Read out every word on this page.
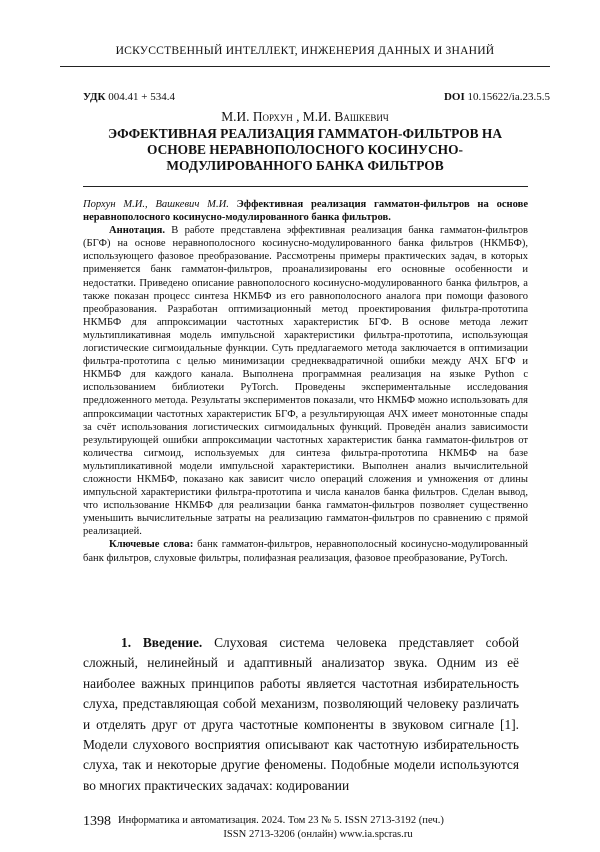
ИСКУССТВЕННЫЙ ИНТЕЛЛЕКТ, ИНЖЕНЕРИЯ ДАННЫХ И ЗНАНИЙ
УДК 004.41 + 534.4	DOI 10.15622/ia.23.5.5
М.И. Порхун , М.И. Вашкевич
ЭФФЕКТИВНАЯ РЕАЛИЗАЦИЯ ГАММАТОН-ФИЛЬТРОВ НА ОСНОВЕ НЕРАВНОПОЛОСНОГО КОСИНУСНО-МОДУЛИРОВАННОГО БАНКА ФИЛЬТРОВ

Порхун М.И., Вашкевич М.И. Эффективная реализация гамматон-фильтров на основе неравнополосного косинусно-модулированного банка фильтров.

Аннотация. В работе представлена эффективная реализация банка гамматон-фильтров (БГФ) на основе неравнополосного косинусно-модулированного банка фильтров (НКМБФ), использующего фазовое преобразование. Рассмотрены примеры практических задач, в которых применяется банк гамматон-фильтров, проанализированы его основные особенности и недостатки. Приведено описание равнополосного косинусно-модулированного банка фильтров, а также показан процесс синтеза НКМБФ из его равнополосного аналога при помощи фазового преобразования. Разработан оптимизационный метод проектирования фильтра-прототипа НКМБФ для аппроксимации частотных характеристик БГФ. В основе метода лежит мультипликативная модель импульсной характеристики фильтра-прототипа, использующая логистические сигмоидальные функции. Суть предлагаемого метода заключается в оптимизации фильтра-прототипа с целью минимизации среднеквадратичной ошибки между АЧХ БГФ и НКМБФ для каждого канала. Выполнена программная реализация на языке Python с использованием библиотеки PyTorch. Проведены экспериментальные исследования предложенного метода. Результаты экспериментов показали, что НКМБФ можно использовать для аппроксимации частотных характеристик БГФ, а результирующая АЧХ имеет монотонные спады за счёт использования логистических сигмоидальных функций. Проведён анализ зависимости результирующей ошибки аппроксимации частотных характеристик банка гамматон-фильтров от количества сигмоид, используемых для синтеза фильтра-прототипа НКМБФ на базе мультипликативной модели импульсной характеристики. Выполнен анализ вычислительной сложности НКМБФ, показано как зависит число операций сложения и умножения от длины импульсной характеристики фильтра-прототипа и числа каналов банка фильтров. Сделан вывод, что использование НКМБФ для реализации банка гамматон-фильтров позволяет существенно уменьшить вычислительные затраты на реализацию гамматон-фильтров по сравнению с прямой реализацией.

Ключевые слова: банк гамматон-фильтров, неравнополосный косинусно-модулированный банк фильтров, слуховые фильтры, полифазная реализация, фазовое преобразование, PyTorch.

1. Введение. Слуховая система человека представляет собой сложный, нелинейный и адаптивный анализатор звука. Одним из её наиболее важных принципов работы является частотная избирательность слуха, представляющая собой механизм, позволяющий человеку различать и отделять друг от друга частотные компоненты в звуковом сигнале [1]. Модели слухового восприятия описывают как частотную избирательность слуха, так и некоторые другие феномены. Подобные модели используются во многих практических задачах: кодировании

1398 Информатика и автоматизация. 2024. Том 23 № 5. ISSN 2713-3192 (печ.)
ISSN 2713-3206 (онлайн) www.ia.spcras.ru
